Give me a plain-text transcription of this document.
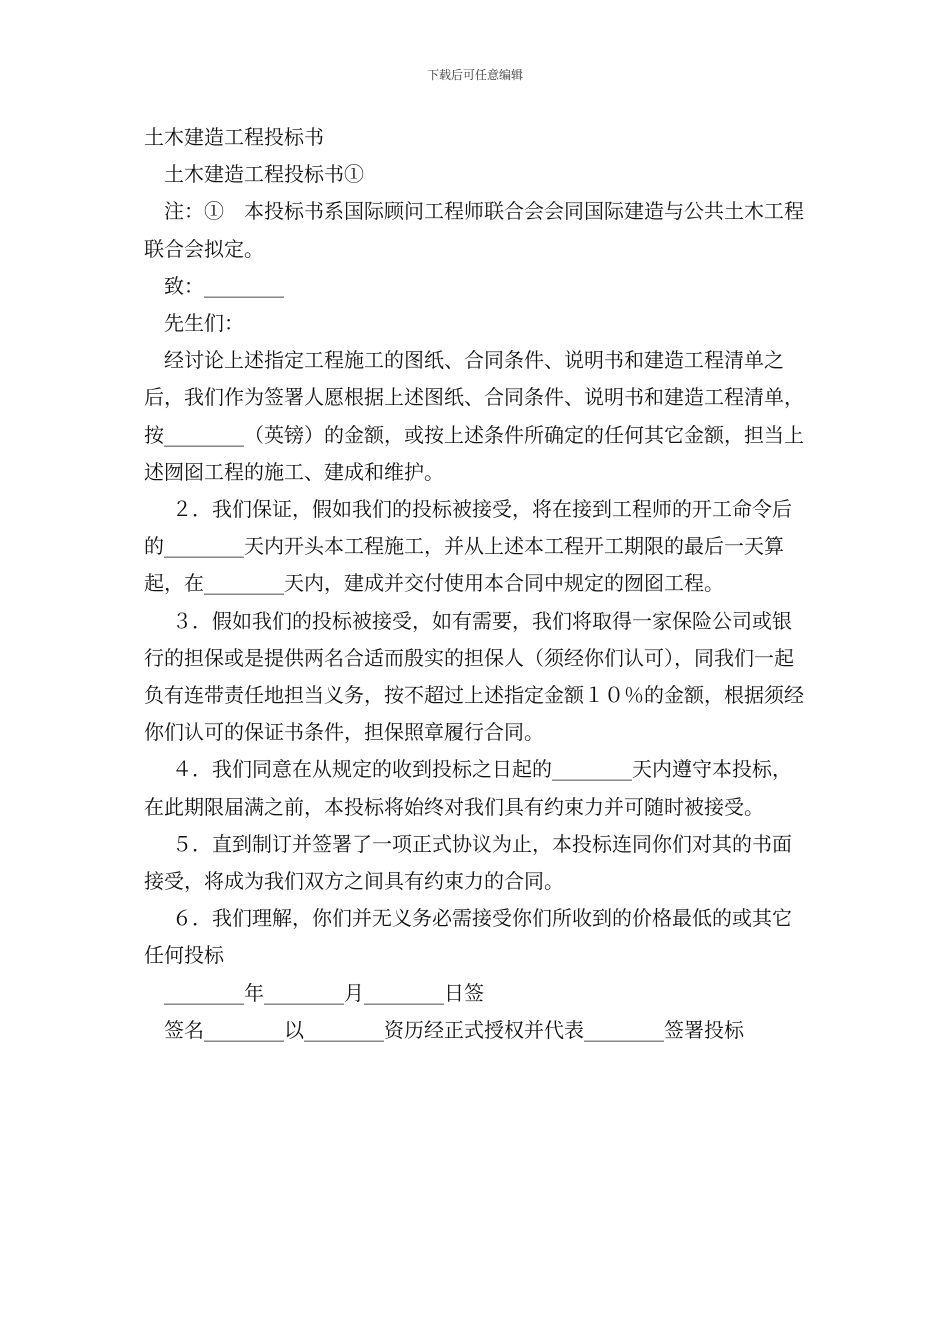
下载后可任意编辑

土木建造工程投标书

土木建造工程投标书①

注：①　本投标书系国际顾问工程师联合会会同国际建造与公共土木工程联合会拟定。

致：________

先生们：

经讨论上述指定工程施工的图纸、合同条件、说明书和建造工程清单之后，我们作为签署人愿根据上述图纸、合同条件、说明书和建造工程清单，按________（英镑）的金额，或按上述条件所确定的任何其它金额，担当上述囫囵工程的施工、建成和维护。

２．我们保证，假如我们的投标被接受，将在接到工程师的开工命令后的________天内开头本工程施工，并从上述本工程开工期限的最后一天算起，在________天内，建成并交付使用本合同中规定的囫囵工程。

３．假如我们的投标被接受，如有需要，我们将取得一家保险公司或银行的担保或是提供两名合适而殷实的担保人（须经你们认可），同我们一起负有连带责任地担当义务，按不超过上述指定金额１０％的金额，根据须经你们认可的保证书条件，担保照章履行合同。

４．我们同意在从规定的收到投标之日起的________天内遵守本投标，在此期限届满之前，本投标将始终对我们具有约束力并可随时被接受。

５．直到制订并签署了一项正式协议为止，本投标连同你们对其的书面接受，将成为我们双方之间具有约束力的合同。

６．我们理解，你们并无义务必需接受你们所收到的价格最低的或其它任何投标

________年________月________日签

签名________以________资历经正式授权并代表________签署投标
